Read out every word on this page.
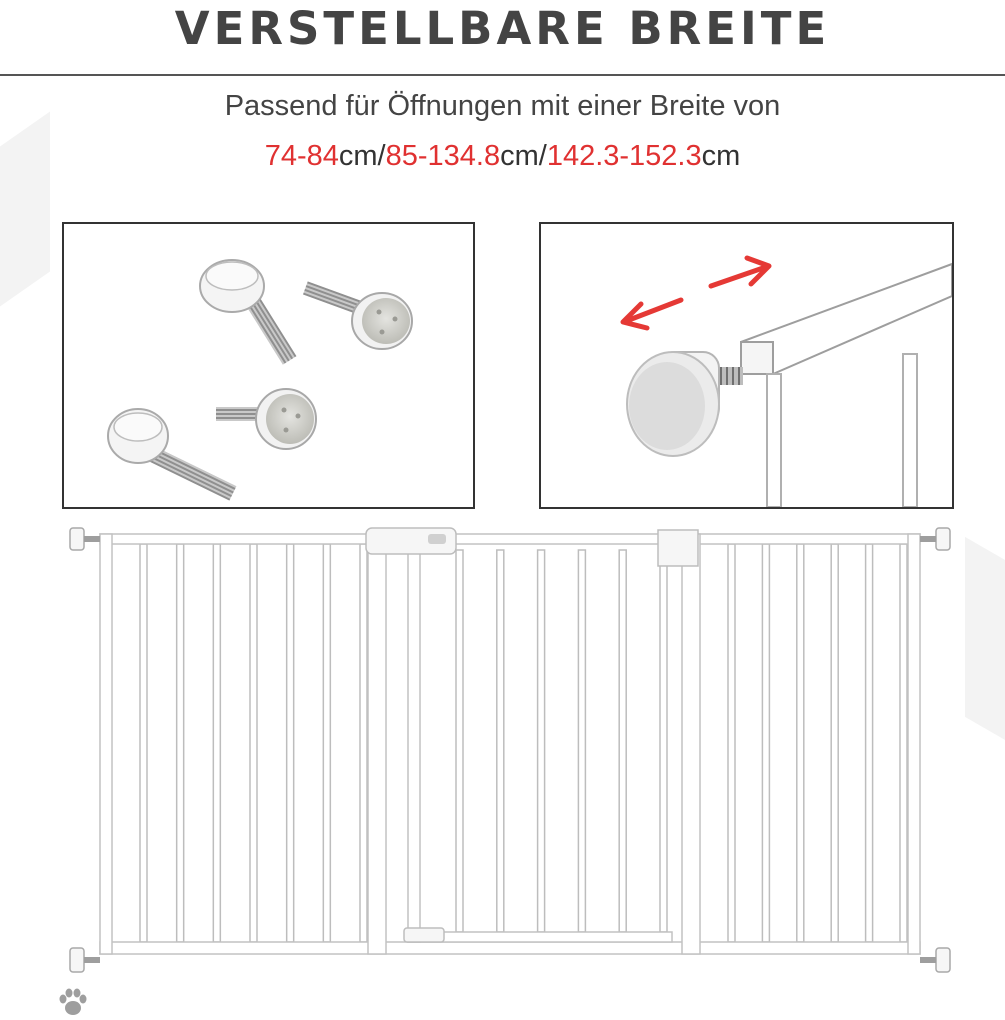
VERSTELLBARE BREITE
Passend für Öffnungen mit einer Breite von
74-84cm/85-134.8cm/142.3-152.3cm
